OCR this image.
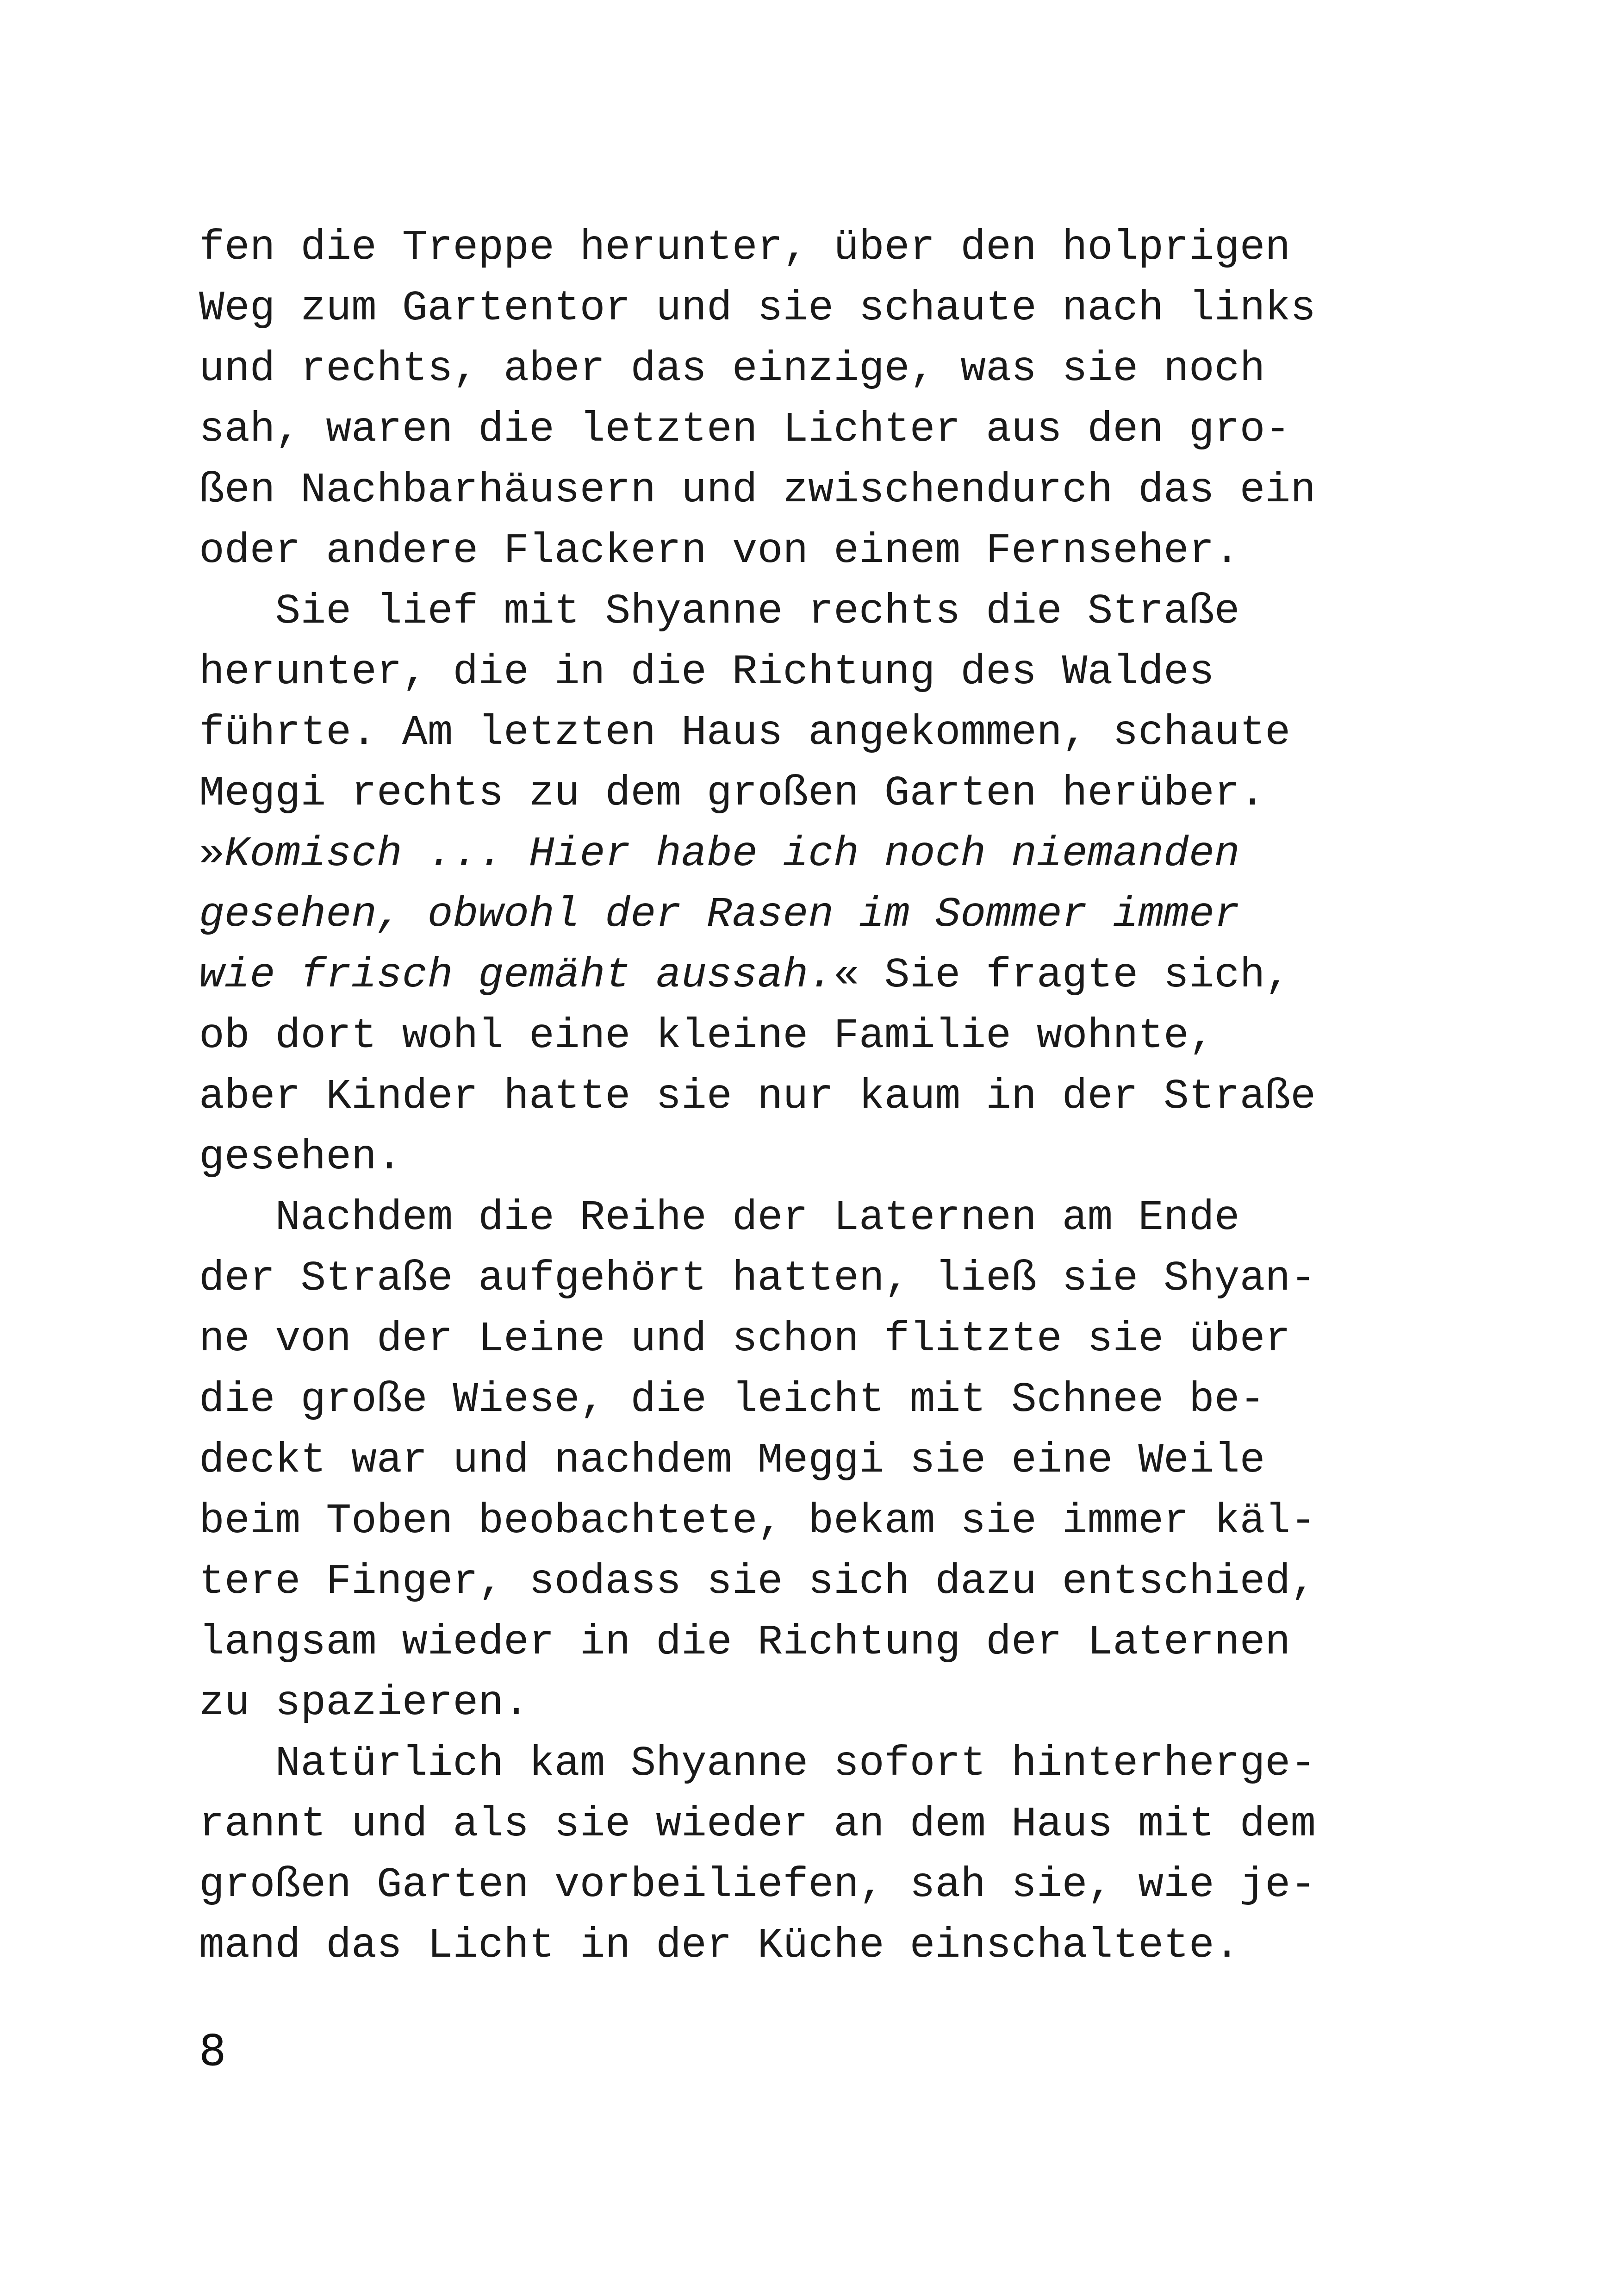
fen die Treppe herunter, über den holprigen
Weg zum Gartentor und sie schaute nach links
und rechts, aber das einzige, was sie noch
sah, waren die letzten Lichter aus den gro-
ßen Nachbarhäusern und zwischendurch das ein
oder andere Flackern von einem Fernseher.
Sie lief mit Shyanne rechts die Straße
herunter, die in die Richtung des Waldes
führte. Am letzten Haus angekommen, schaute
Meggi rechts zu dem großen Garten herüber.
»Komisch ... Hier habe ich noch niemanden
gesehen, obwohl der Rasen im Sommer immer
wie frisch gemäht aussah.« Sie fragte sich,
ob dort wohl eine kleine Familie wohnte,
aber Kinder hatte sie nur kaum in der Straße
gesehen.
Nachdem die Reihe der Laternen am Ende
der Straße aufgehört hatten, ließ sie Shyan-
ne von der Leine und schon flitzte sie über
die große Wiese, die leicht mit Schnee be-
deckt war und nachdem Meggi sie eine Weile
beim Toben beobachtete, bekam sie immer käl-
tere Finger, sodass sie sich dazu entschied,
langsam wieder in die Richtung der Laternen
zu spazieren.
Natürlich kam Shyanne sofort hinterherge-
rannt und als sie wieder an dem Haus mit dem
großen Garten vorbeiliefen, sah sie, wie je-
mand das Licht in der Küche einschaltete.
8
